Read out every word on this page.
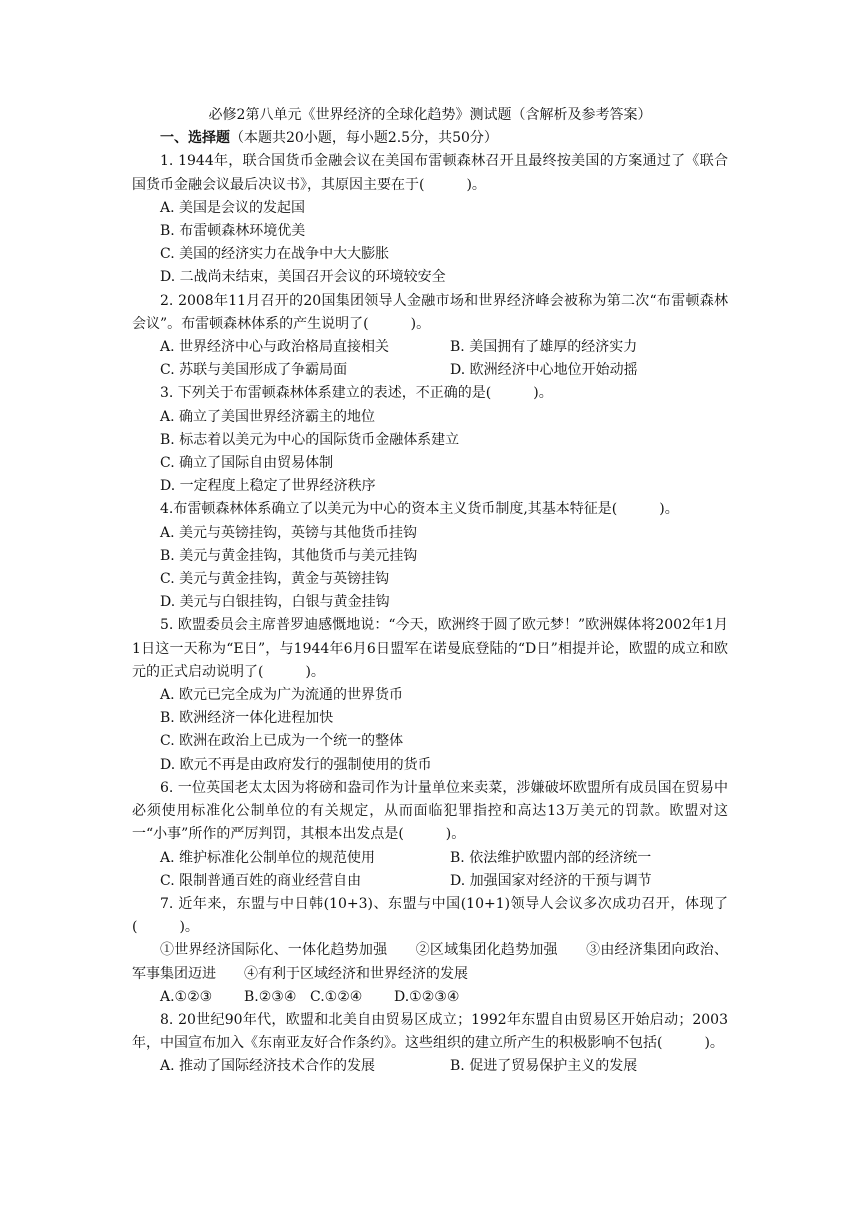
必修2第八单元《世界经济的全球化趋势》测试题（含解析及参考答案）

一、选择题（本题共20小题，每小题2.5分，共50分）

1. 1944年，联合国货币金融会议在美国布雷顿森林召开且最终按美国的方案通过了《联合国货币金融会议最后决议书》，其原因主要在于(　　　)。

A. 美国是会议的发起国

B. 布雷顿森林环境优美

C. 美国的经济实力在战争中大大膨胀

D. 二战尚未结束，美国召开会议的环境较安全

2. 2008年11月召开的20国集团领导人金融市场和世界经济峰会被称为第二次“布雷顿森林会议”。布雷顿森林体系的产生说明了(　　　)。

A. 世界经济中心与政治格局直接相关	B. 美国拥有了雄厚的经济实力
C. 苏联与美国形成了争霸局面	D. 欧洲经济中心地位开始动摇

3. 下列关于布雷顿森林体系建立的表述，不正确的是(　　　)。

A. 确立了美国世界经济霸主的地位

B. 标志着以美元为中心的国际货币金融体系建立

C. 确立了国际自由贸易体制

D. 一定程度上稳定了世界经济秩序

4.布雷顿森林体系确立了以美元为中心的资本主义货币制度,其基本特征是(　　　)。

A. 美元与英镑挂钩，英镑与其他货币挂钩

B. 美元与黄金挂钩，其他货币与美元挂钩

C. 美元与黄金挂钩，黄金与英镑挂钩

D. 美元与白银挂钩，白银与黄金挂钩

5. 欧盟委员会主席普罗迪感慨地说：“今天，欧洲终于圆了欧元梦！”欧洲媒体将2002年1月1日这一天称为“E日”，与1944年6月6日盟军在诺曼底登陆的“D日”相提并论，欧盟的成立和欧元的正式启动说明了(　　　)。

A. 欧元已完全成为广为流通的世界货币

B. 欧洲经济一体化进程加快

C. 欧洲在政治上已成为一个统一的整体

D. 欧元不再是由政府发行的强制使用的货币

6. 一位英国老太太因为将磅和盎司作为计量单位来卖菜，涉嫌破坏欧盟所有成员国在贸易中必须使用标准化公制单位的有关规定，从而面临犯罪指控和高达13万美元的罚款。欧盟对这一“小事”所作的严厉判罚，其根本出发点是(　　　)。

A. 维护标准化公制单位的规范使用	B. 依法维护欧盟内部的经济统一
C. 限制普通百姓的商业经营自由	D. 加强国家对经济的干预与调节

7. 近年来，东盟与中日韩(10+3)、东盟与中国(10+1)领导人会议多次成功召开，体现了(　　　)。

①世界经济国际化、一体化趋势加强　　②区域集团化趋势加强　　③由经济集团向政治、军事集团迈进　　④有利于区域经济和世界经济的发展

A.①②③	B.②③④ C.①②④	D.①②③④

8. 20世纪90年代，欧盟和北美自由贸易区成立；1992年东盟自由贸易区开始启动；2003年，中国宣布加入《东南亚友好合作条约》。这些组织的建立所产生的积极影响不包括(　　　)。

A. 推动了国际经济技术合作的发展	B. 促进了贸易保护主义的发展
